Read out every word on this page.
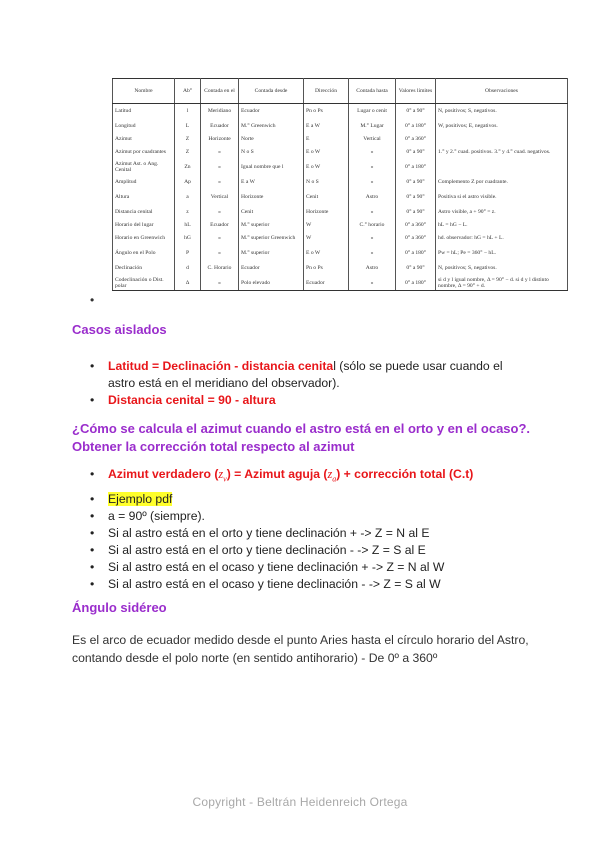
Nombre	Ab°	Contada en el	Contada desde	Dirección	Contada hasta	Valores límites	Observaciones
Latitud	l	Meridiano	Ecuador	Pn o Ps	Lugar o cenit	0° a 90°	N, positivos; S, negativos.
Longitud	L	Ecuador	M.° Greenwich	E a W	M.° Lugar	0° a 180°	W, positivos; E, negativos.
Azimut	Z	Horizonte	Norte	E	Vertical	0° a 360°	
Azimut por cuadrantes	Z	»	N o S	E o W	»	0° a 90°	1.° y 2.° cuad. positivos. 3.° y 4.° cuad. negativos.
Azimut Ast. o Ang. Cenital	Zn	»	Igual nombre que l	E o W	»	0° a 180°	
Amplitud	Ap	»	E a W	N o S	»	0° a 90°	Complemento Z por cuadrante.
Altura	a	Vertical	Horizonte	Cenit	Astro	0° a 90°	Positiva si el astro visible.
Distancia cenital	z	»	Cenit	Horizonte	»	0° a 90°	Astro visible, a + 90° = z.
Horario del lugar	hL	Ecuador	M.° superior	W	C.° horario	0° a 360°	hL = hG − L.
Horario en Greenwich	hG	»	M.° superior Greenwich	W	»	0° a 360°	hd. observador: hG = hL + L.
Ángulo en el Polo	P	»	M.° superior	E o W	»	0° a 180°	Pw = hL; Pe = 360° − hL.
Declinación	d	C. Horario	Ecuador	Pn o Ps	Astro	0° a 90°	N, positivos; S, negativos.
Codeclinación o Dist. polar	Δ	»	Polo elevado	Ecuador	»	0° a 180°	si d y l igual nombre, Δ = 90° − d. si d y l distinto nombre, Δ = 90° + d.
•
Casos aislados
• Latitud = Declinación - distancia cenital (sólo se puede usar cuando el
astro está en el meridiano del observador).
• Distancia cenital = 90 - altura
¿Cómo se calcula el azimut cuando el astro está en el orto y en el ocaso?.
Obtener la corrección total respecto al azimut
• Azimut verdadero $(z_v)$ = Azimut aguja $(z_a)$ + corrección total (C.t)
• Ejemplo pdf
• a = 90º (siempre).
• Si al astro está en el orto y tiene declinación + -> Z = N al E
• Si al astro está en el orto y tiene declinación - -> Z = S al E
• Si al astro está en el ocaso y tiene declinación + -> Z = N al W
• Si al astro está en el ocaso y tiene declinación - -> Z = S al W
Ángulo sidéreo
Es el arco de ecuador medido desde el punto Aries hasta el círculo horario del Astro,
contando desde el polo norte (en sentido antihorario) - De 0º a 360º
Copyright - Beltrán Heidenreich Ortega
